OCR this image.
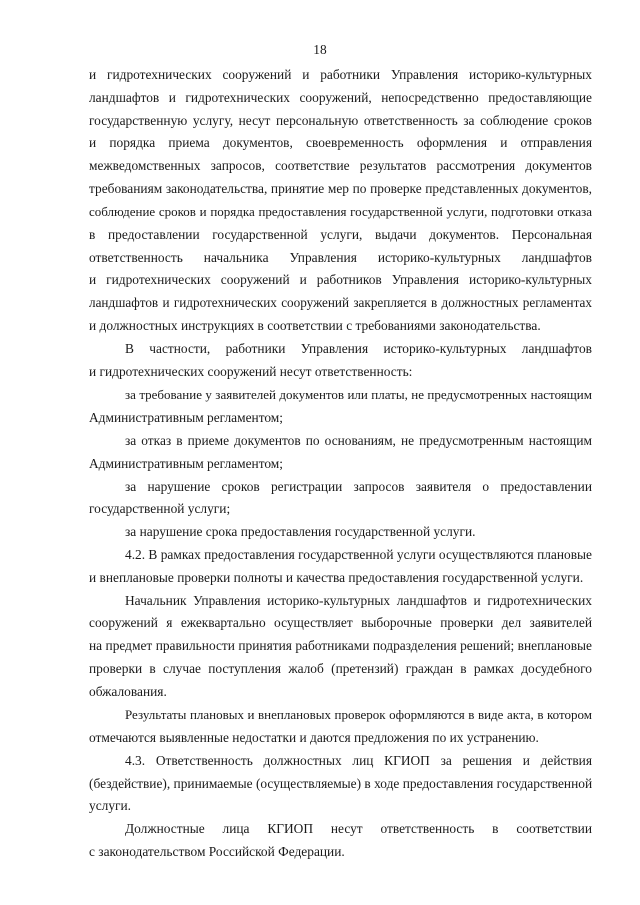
18
и гидротехнических сооружений и работники Управления историко-культурных
ландшафтов и гидротехнических сооружений, непосредственно предоставляющие
государственную услугу, несут персональную ответственность за соблюдение сроков
и порядка приема документов, своевременность оформления и отправления
межведомственных запросов, соответствие результатов рассмотрения документов
требованиям законодательства, принятие мер по проверке представленных документов,
соблюдение сроков и порядка предоставления государственной услуги, подготовки отказа
в предоставлении государственной услуги, выдачи документов. Персональная
ответственность начальника Управления историко-культурных ландшафтов
и гидротехнических сооружений и работников Управления историко-культурных
ландшафтов и гидротехнических сооружений закрепляется в должностных регламентах
и должностных инструкциях в соответствии с требованиями законодательства.
В частности, работники Управления историко-культурных ландшафтов
и гидротехнических сооружений несут ответственность:
за требование у заявителей документов или платы, не предусмотренных настоящим
Административным регламентом;
за отказ в приеме документов по основаниям, не предусмотренным настоящим
Административным регламентом;
за нарушение сроков регистрации запросов заявителя о предоставлении
государственной услуги;
за нарушение срока предоставления государственной услуги.
4.2. В рамках предоставления государственной услуги осуществляются плановые
и внеплановые проверки полноты и качества предоставления государственной услуги.
Начальник Управления историко-культурных ландшафтов и гидротехнических
сооружений я ежеквартально осуществляет выборочные проверки дел заявителей
на предмет правильности принятия работниками подразделения решений; внеплановые
проверки в случае поступления жалоб (претензий) граждан в рамках досудебного
обжалования.
Результаты плановых и внеплановых проверок оформляются в виде акта, в котором
отмечаются выявленные недостатки и даются предложения по их устранению.
4.3. Ответственность должностных лиц КГИОП за решения и действия
(бездействие), принимаемые (осуществляемые) в ходе предоставления государственной
услуги.
Должностные лица КГИОП несут ответственность в соответствии
с законодательством Российской Федерации.
